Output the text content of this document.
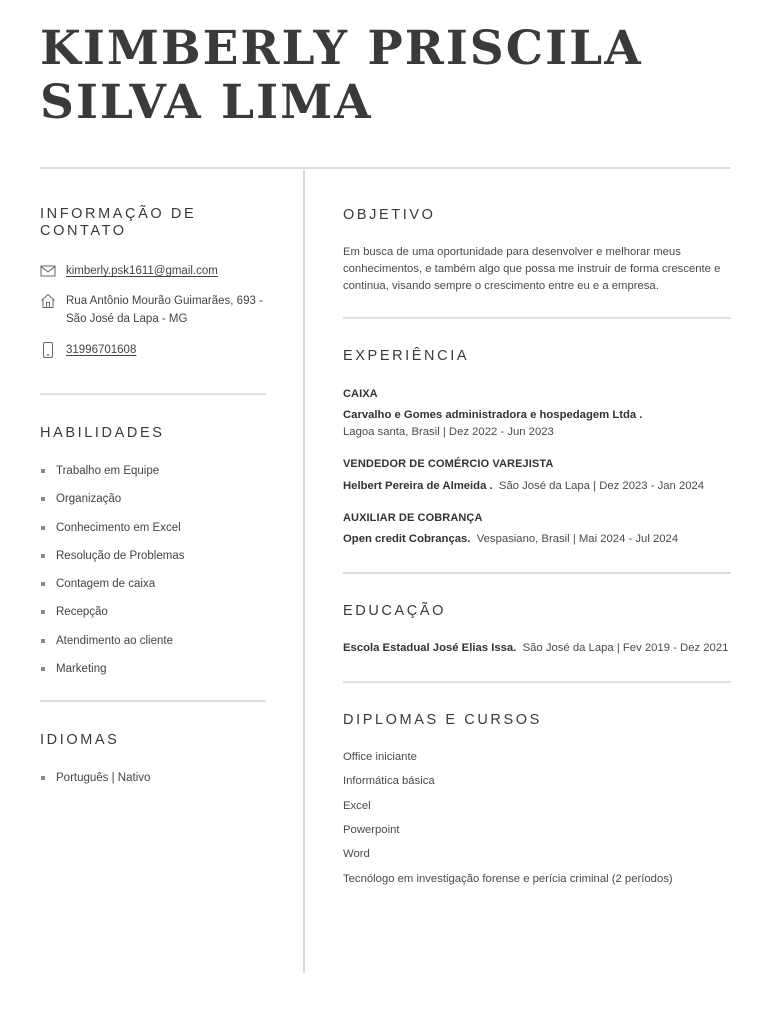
KIMBERLY PRISCILA
SILVA LIMA
INFORMAÇÃO DE CONTATO
kimberly.psk1611@gmail.com
Rua Antônio Mourão Guimarães, 693 -
São José da Lapa - MG
31996701608
HABILIDADES
Trabalho em Equipe
Organização
Conhecimento em Excel
Resolução de Problemas
Contagem de caixa
Recepção
Atendimento ao cliente
Marketing
IDIOMAS
Português | Nativo
OBJETIVO
Em busca de uma oportunidade para desenvolver e melhorar meus conhecimentos, e também algo que possa me instruir de forma crescente e continua, visando sempre o crescimento entre eu e a empresa.
EXPERIÊNCIA
CAIXA
Carvalho e Gomes administradora e hospedagem Ltda .
Lagoa santa, Brasil | Dez 2022 - Jun 2023
VENDEDOR DE COMÉRCIO VAREJISTA
Helbert Pereira de Almeida . São José da Lapa | Dez 2023 - Jan 2024
AUXILIAR DE COBRANÇA
Open credit Cobranças. Vespasiano, Brasil | Mai 2024 - Jul 2024
EDUCAÇÃO
Escola Estadual José Elias Issa. São José da Lapa | Fev 2019 - Dez 2021
DIPLOMAS E CURSOS
Office iniciante
Informática básica
Excel
Powerpoint
Word
Tecnólogo em investigação forense e perícia criminal (2 períodos)
